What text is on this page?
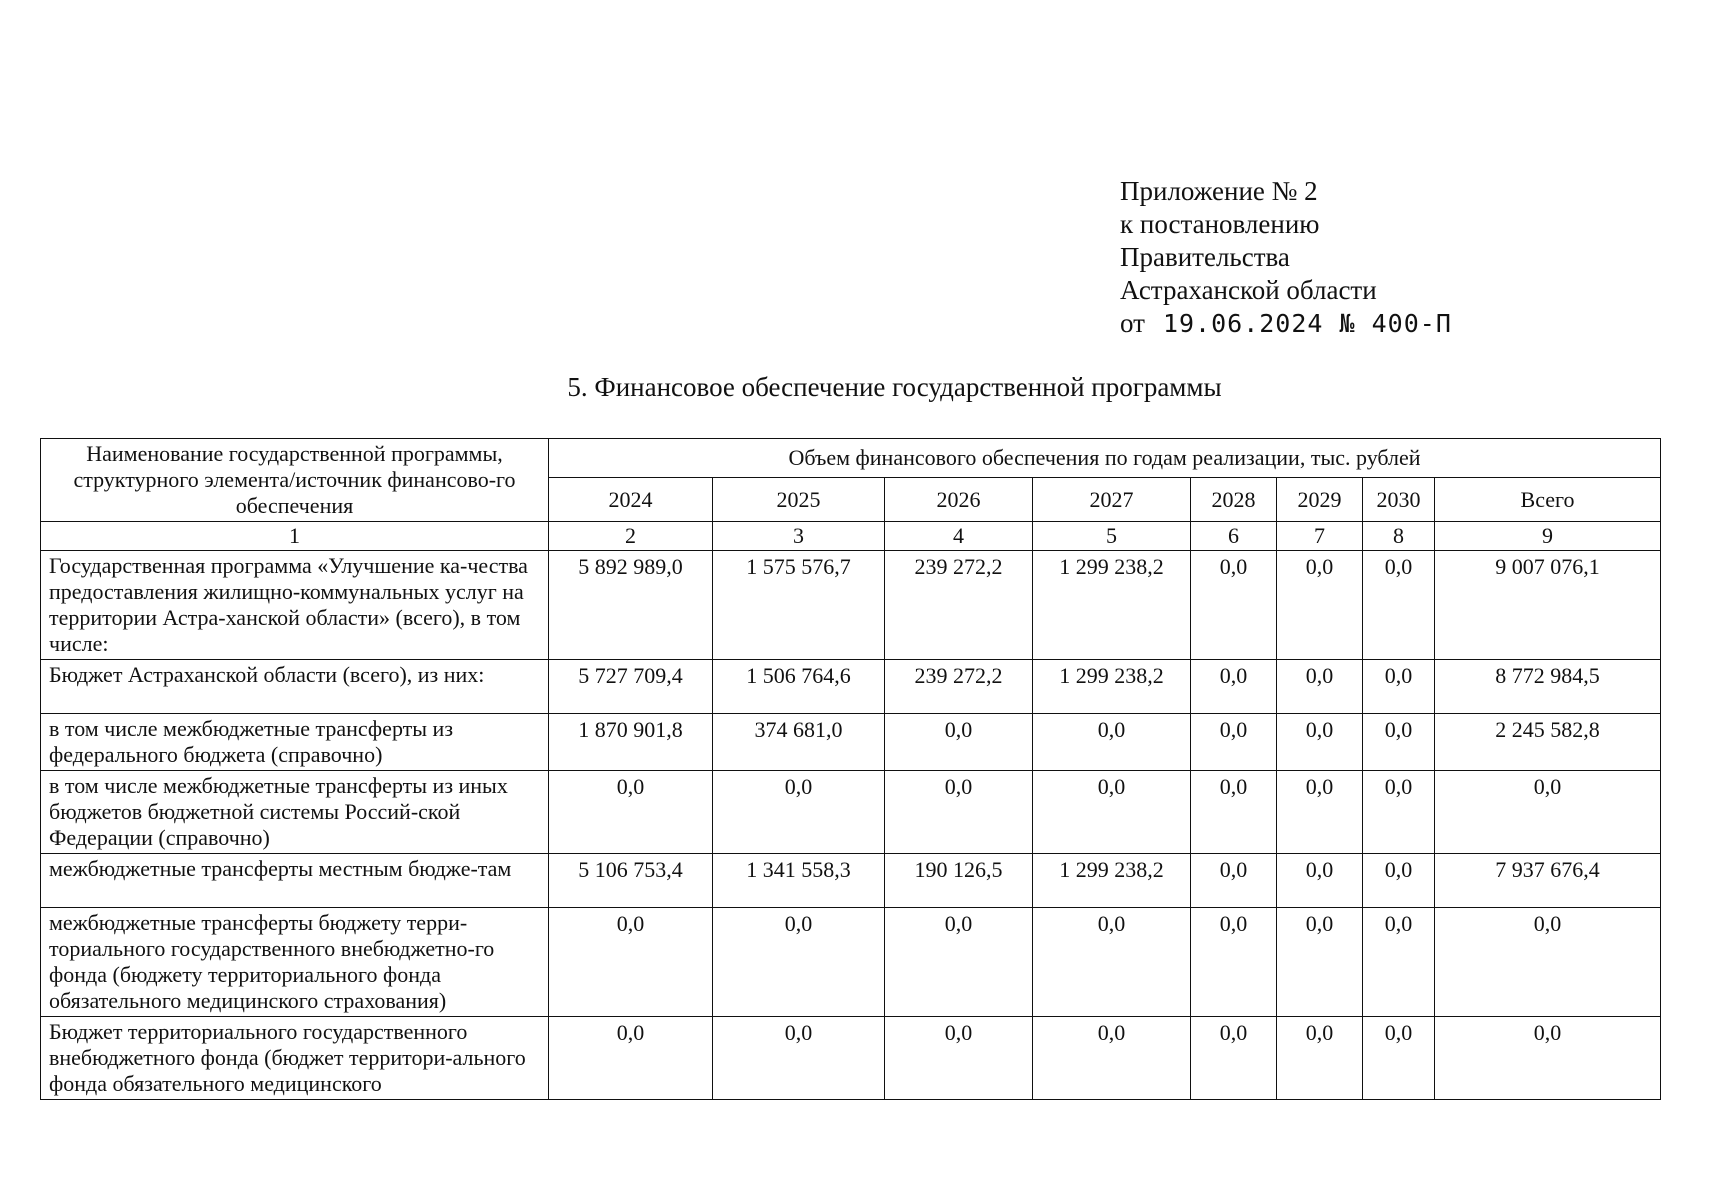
Приложение № 2
к постановлению
Правительства
Астраханской области
от 19.06.2024 № 400-П
5. Финансовое обеспечение государственной программы
Наименование государственной программы, структурного элемента/источник финансово-го обеспечения	Объем финансового обеспечения по годам реализации, тыс. рублей							
	2024	2025	2026	2027	2028	2029	2030	Всего
1	2	3	4	5	6	7	8	9
Государственная программа «Улучшение ка-чества предоставления жилищно-коммунальных услуг на территории Астра-ханской области» (всего), в том числе:	5 892 989,0	1 575 576,7	239 272,2	1 299 238,2	0,0	0,0	0,0	9 007 076,1
Бюджет Астраханской области (всего), из них:	5 727 709,4	1 506 764,6	239 272,2	1 299 238,2	0,0	0,0	0,0	8 772 984,5
в том числе межбюджетные трансферты из федерального бюджета (справочно)	1 870 901,8	374 681,0	0,0	0,0	0,0	0,0	0,0	2 245 582,8
в том числе межбюджетные трансферты из иных бюджетов бюджетной системы Россий-ской Федерации (справочно)	0,0	0,0	0,0	0,0	0,0	0,0	0,0	0,0
межбюджетные трансферты местным бюдже-там	5 106 753,4	1 341 558,3	190 126,5	1 299 238,2	0,0	0,0	0,0	7 937 676,4
межбюджетные трансферты бюджету терри-ториального государственного внебюджетно-го фонда (бюджету территориального фонда обязательного медицинского страхования)	0,0	0,0	0,0	0,0	0,0	0,0	0,0	0,0
Бюджет территориального государственного внебюджетного фонда (бюджет территори-ального фонда обязательного медицинского	0,0	0,0	0,0	0,0	0,0	0,0	0,0	0,0
